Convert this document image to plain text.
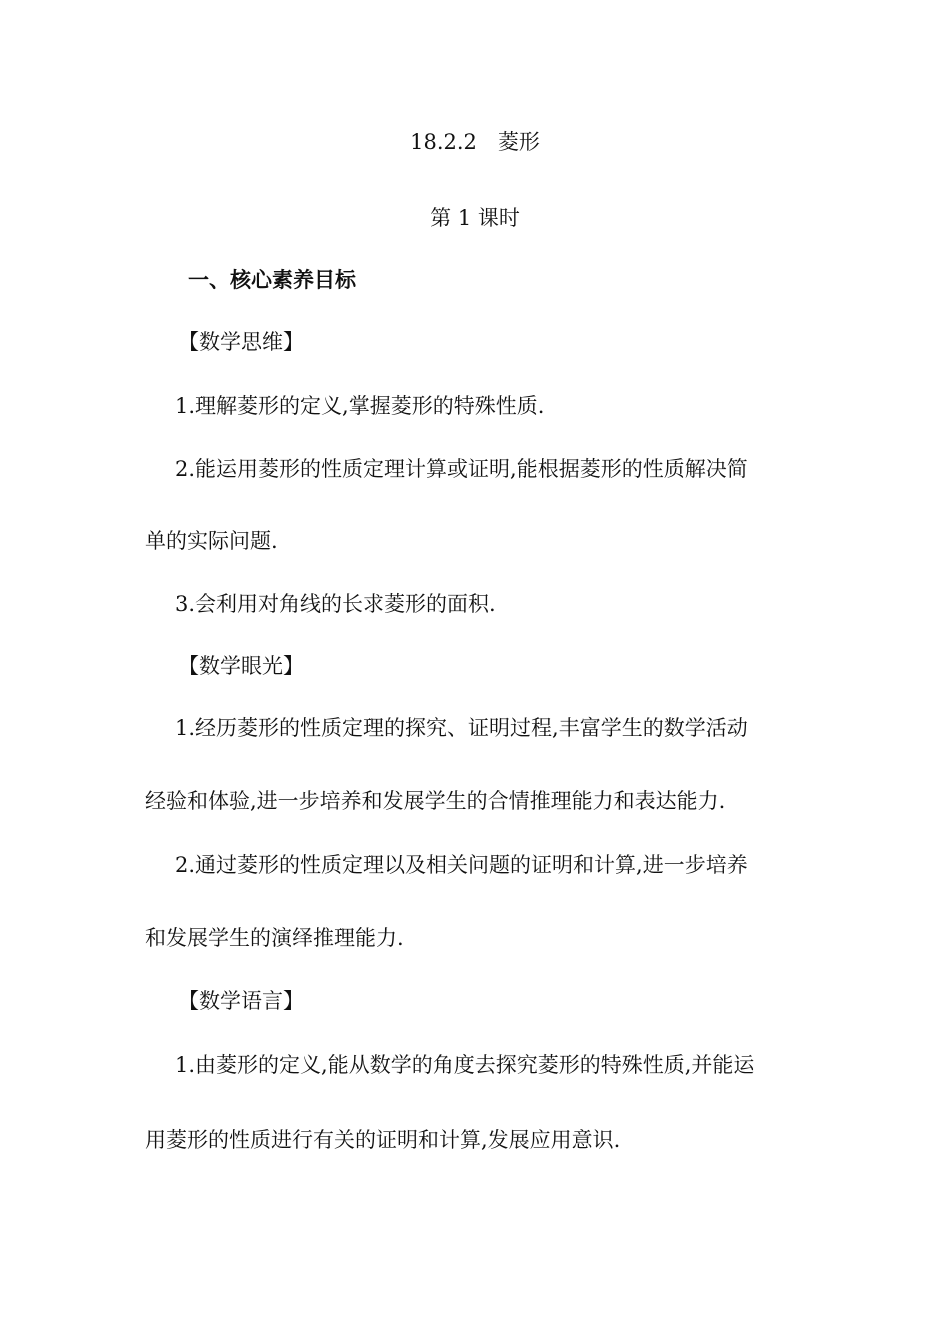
18.2.2　菱形
第 1 课时
一、核心素养目标
【数学思维】
1.理解菱形的定义,掌握菱形的特殊性质.
2.能运用菱形的性质定理计算或证明,能根据菱形的性质解决简
单的实际问题.
3.会利用对角线的长求菱形的面积.
【数学眼光】
1.经历菱形的性质定理的探究、证明过程,丰富学生的数学活动
经验和体验,进一步培养和发展学生的合情推理能力和表达能力.
2.通过菱形的性质定理以及相关问题的证明和计算,进一步培养
和发展学生的演绎推理能力.
【数学语言】
1.由菱形的定义,能从数学的角度去探究菱形的特殊性质,并能运
用菱形的性质进行有关的证明和计算,发展应用意识.
